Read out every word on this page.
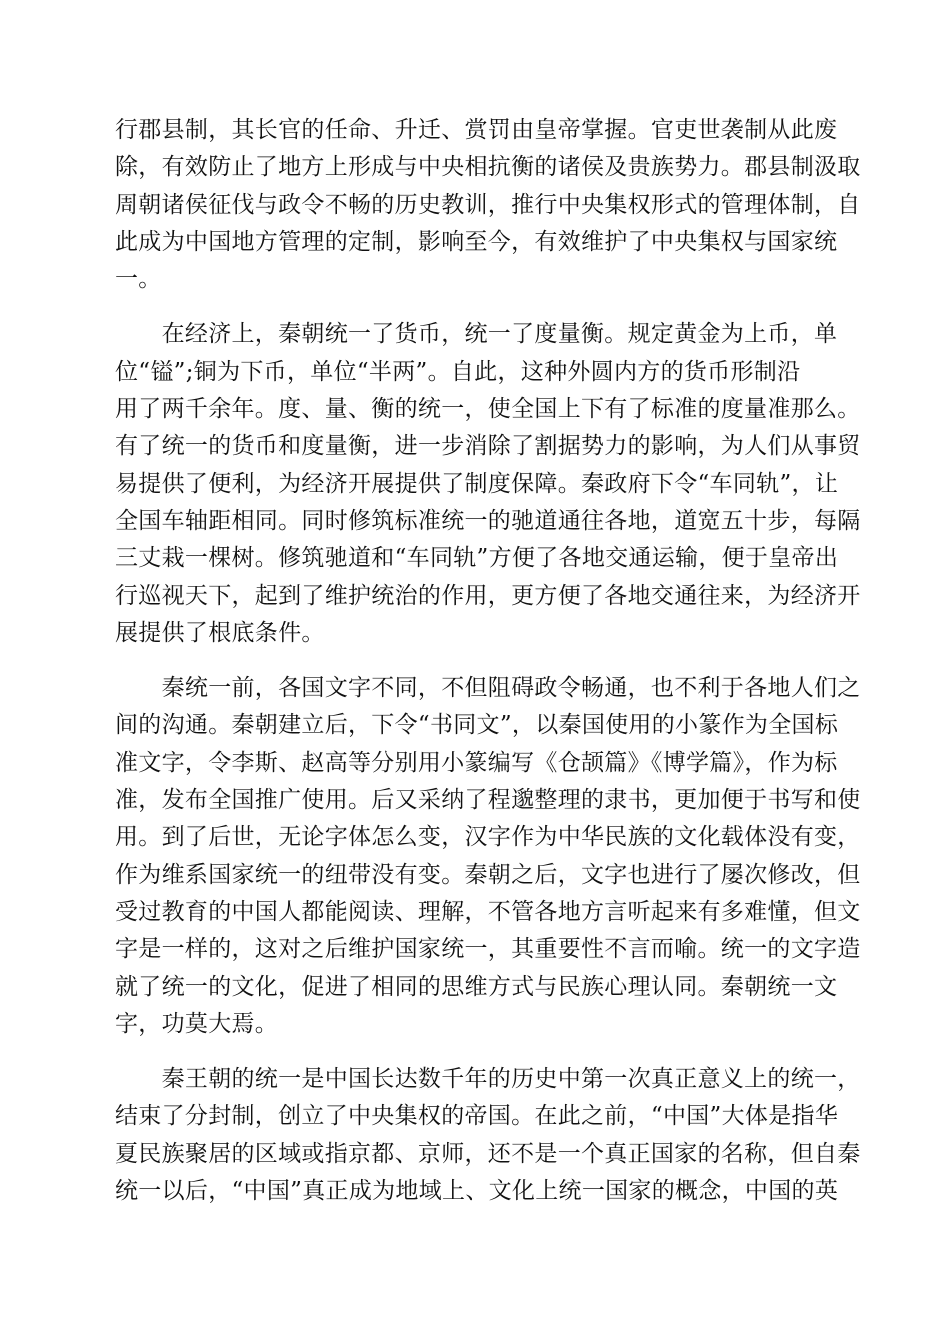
行郡县制，其长官的任命、升迁、赏罚由皇帝掌握。官吏世袭制从此废
除，有效防止了地方上形成与中央相抗衡的诸侯及贵族势力。郡县制汲取
周朝诸侯征伐与政令不畅的历史教训，推行中央集权形式的管理体制，自
此成为中国地方管理的定制，影响至今，有效维护了中央集权与国家统
一。
　　在经济上，秦朝统一了货币，统一了度量衡。规定黄金为上币，单
位“镒”;铜为下币，单位“半两”。自此，这种外圆内方的货币形制沿
用了两千余年。度、量、衡的统一，使全国上下有了标准的度量准那么。
有了统一的货币和度量衡，进一步消除了割据势力的影响，为人们从事贸
易提供了便利，为经济开展提供了制度保障。秦政府下令“车同轨”，让
全国车轴距相同。同时修筑标准统一的驰道通往各地，道宽五十步，每隔
三丈栽一棵树。修筑驰道和“车同轨”方便了各地交通运输，便于皇帝出
行巡视天下，起到了维护统治的作用，更方便了各地交通往来，为经济开
展提供了根底条件。
　　秦统一前，各国文字不同，不但阻碍政令畅通，也不利于各地人们之
间的沟通。秦朝建立后，下令“书同文”，以秦国使用的小篆作为全国标
准文字，令李斯、赵高等分别用小篆编写《仓颉篇》《博学篇》，作为标
准，发布全国推广使用。后又采纳了程邈整理的隶书，更加便于书写和使
用。到了后世，无论字体怎么变，汉字作为中华民族的文化载体没有变，
作为维系国家统一的纽带没有变。秦朝之后，文字也进行了屡次修改，但
受过教育的中国人都能阅读、理解，不管各地方言听起来有多难懂，但文
字是一样的，这对之后维护国家统一，其重要性不言而喻。统一的文字造
就了统一的文化，促进了相同的思维方式与民族心理认同。秦朝统一文
字，功莫大焉。
　　秦王朝的统一是中国长达数千年的历史中第一次真正意义上的统一，
结束了分封制，创立了中央集权的帝国。在此之前，“中国”大体是指华
夏民族聚居的区域或指京都、京师，还不是一个真正国家的名称，但自秦
统一以后，“中国”真正成为地域上、文化上统一国家的概念，中国的英
